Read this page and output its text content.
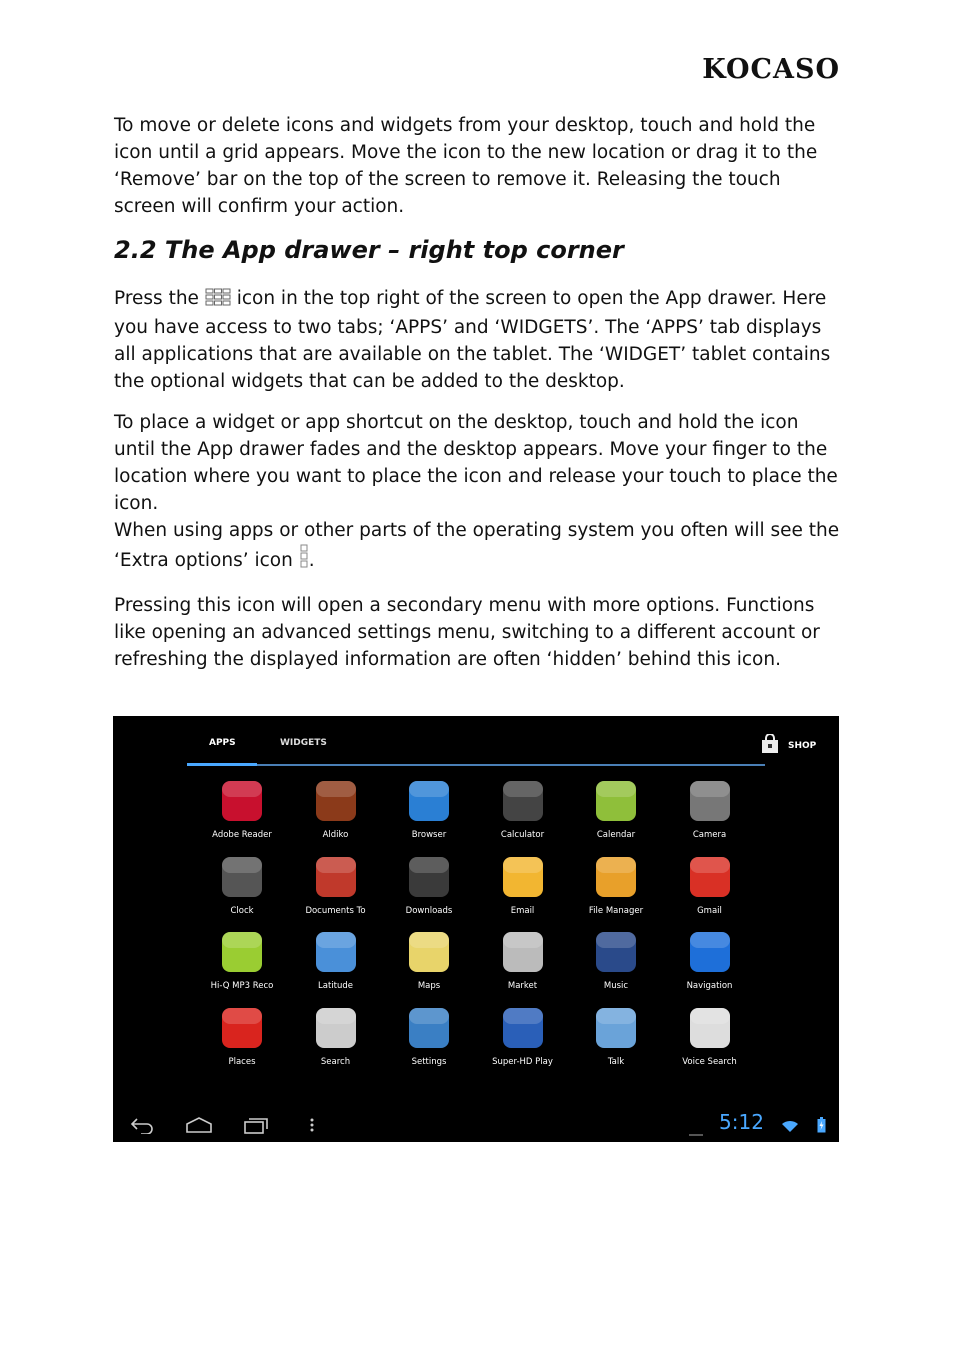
KOCASO

To move or delete icons and widgets from your desktop, touch and hold the icon until a grid appears. Move the icon to the new location or drag it to the ‘Remove’ bar on the top of the screen to remove it. Releasing the touch screen will confirm your action.

2.2 The App drawer – right top corner

Press the  icon in the top right of the screen to open the App drawer. Here you have access to two tabs; ‘APPS’ and ‘WIDGETS’. The ‘APPS’ tab displays all applications that are available on the tablet. The ‘WIDGET’ tablet contains the optional widgets that can be added to the desktop.

To place a widget or app shortcut on the desktop, touch and hold the icon until the App drawer fades and the desktop appears. Move your finger to the location where you want to place the icon and release your touch to place the icon.

When using apps or other parts of the operating system you often will see the ‘Extra options’ icon .

Pressing this icon will open a secondary menu with more options. Functions like opening an advanced settings menu, switching to a different account or refreshing the displayed information are often ‘hidden’ behind this icon.

APPS	WIDGETS	SHOP
Adobe Reader	Aldiko	Browser	Calculator	Calendar	Camera
Clock	Documents To	Downloads	Email	File Manager	Gmail
Hi-Q MP3 Reco	Latitude	Maps	Market	Music	Navigation
Places	Search	Settings	Super-HD Play	Talk	Voice Search
5:12
